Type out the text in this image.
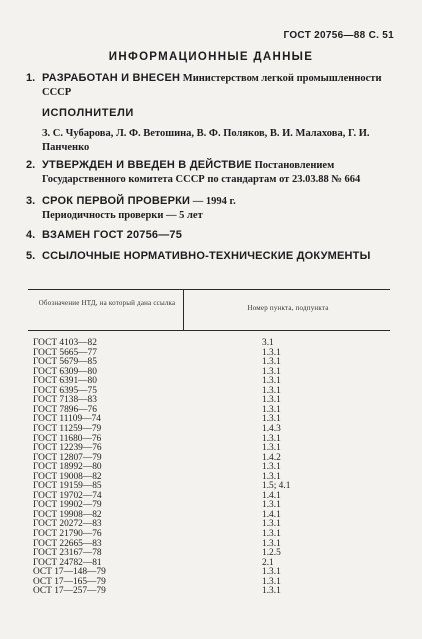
ГОСТ 20756—88 С. 51
ИНФОРМАЦИОННЫЕ ДАННЫЕ
1. РАЗРАБОТАН И ВНЕСЕН Министерством легкой промышленности СССР
ИСПОЛНИТЕЛИ
З. С. Чубарова, Л. Ф. Ветошина, В. Ф. Поляков, В. И. Малахова, Г. И. Панченко
2. УТВЕРЖДЕН И ВВЕДЕН В ДЕЙСТВИЕ Постановлением Государственного комитета СССР по стандартам от 23.03.88 № 664
3. СРОК ПЕРВОЙ ПРОВЕРКИ — 1994 г.
Периодичность проверки — 5 лет
4. ВЗАМЕН ГОСТ 20756—75
5. ССЫЛОЧНЫЕ НОРМАТИВНО-ТЕХНИЧЕСКИЕ ДОКУМЕНТЫ
Обозначение НТД, на который дана ссылка
Номер пункта, подпункта
ГОСТ 4103—82	3.1
ГОСТ 5665—77	1.3.1
ГОСТ 5679—85	1.3.1
ГОСТ 6309—80	1.3.1
ГОСТ 6391—80	1.3.1
ГОСТ 6395—75	1.3.1
ГОСТ 7138—83	1.3.1
ГОСТ 7896—76	1.3.1
ГОСТ 11109—74	1.3.1
ГОСТ 11259—79	1.4.3
ГОСТ 11680—76	1.3.1
ГОСТ 12239—76	1.3.1
ГОСТ 12807—79	1.4.2
ГОСТ 18992—80	1.3.1
ГОСТ 19008—82	1.3.1
ГОСТ 19159—85	1.5; 4.1
ГОСТ 19702—74	1.4.1
ГОСТ 19902—79	1.3.1
ГОСТ 19908—82	1.4.1
ГОСТ 20272—83	1.3.1
ГОСТ 21790—76	1.3.1
ГОСТ 22665—83	1.3.1
ГОСТ 23167—78	1.2.5
ГОСТ 24782—81	2.1
ОСТ 17—148—79	1.3.1
ОСТ 17—165—79	1.3.1
ОСТ 17—257—79	1.3.1
